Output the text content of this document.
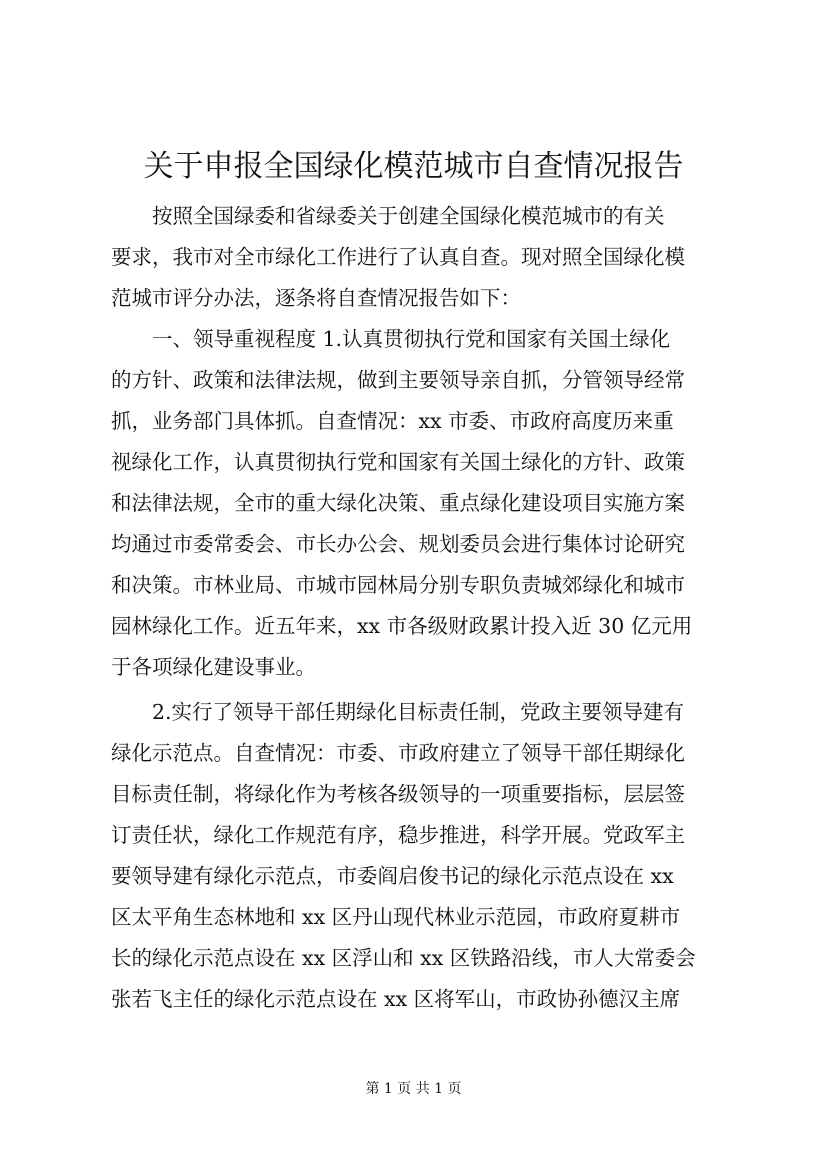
关于申报全国绿化模范城市自查情况报告
　　按照全国绿委和省绿委关于创建全国绿化模范城市的有关
要求，我市对全市绿化工作进行了认真自查。现对照全国绿化模
范城市评分办法，逐条将自查情况报告如下：
　　一、领导重视程度 1.认真贯彻执行党和国家有关国土绿化
的方针、政策和法律法规，做到主要领导亲自抓，分管领导经常
抓，业务部门具体抓。自查情况：xx 市委、市政府高度历来重
视绿化工作，认真贯彻执行党和国家有关国土绿化的方针、政策
和法律法规，全市的重大绿化决策、重点绿化建设项目实施方案
均通过市委常委会、市长办公会、规划委员会进行集体讨论研究
和决策。市林业局、市城市园林局分别专职负责城郊绿化和城市
园林绿化工作。近五年来，xx 市各级财政累计投入近 30 亿元用
于各项绿化建设事业。
　　2.实行了领导干部任期绿化目标责任制，党政主要领导建有
绿化示范点。自查情况：市委、市政府建立了领导干部任期绿化
目标责任制，将绿化作为考核各级领导的一项重要指标，层层签
订责任状，绿化工作规范有序，稳步推进，科学开展。党政军主
要领导建有绿化示范点，市委阎启俊书记的绿化示范点设在 xx
区太平角生态林地和 xx 区丹山现代林业示范园，市政府夏耕市
长的绿化示范点设在 xx 区浮山和 xx 区铁路沿线，市人大常委会
张若飞主任的绿化示范点设在 xx 区将军山，市政协孙德汉主席
第 1 页 共 1 页
